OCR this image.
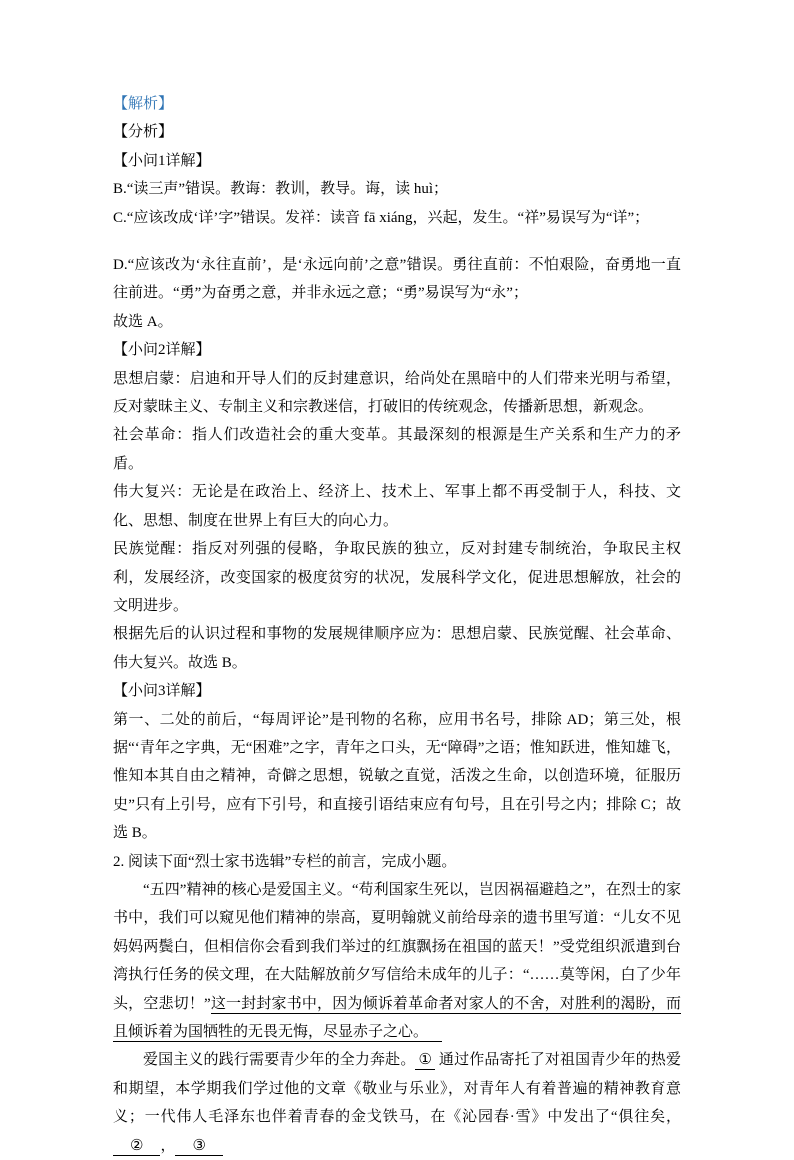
【解析】

【分析】

【小问1详解】

B.“读三声”错误。教诲：教训，教导。诲，读 huì；

C.“应该改成‘详’字”错误。发祥：读音 fā xiáng，兴起，发生。“祥”易误写为“详”；

D.“应该改为‘永往直前’，是‘永远向前’之意”错误。勇往直前：不怕艰险，奋勇地一直往前进。“勇”为奋勇之意，并非永远之意；“勇”易误写为“永”；

故选 A。

【小问2详解】

思想启蒙：启迪和开导人们的反封建意识，给尚处在黑暗中的人们带来光明与希望，反对蒙昧主义、专制主义和宗教迷信，打破旧的传统观念，传播新思想，新观念。

社会革命：指人们改造社会的重大变革。其最深刻的根源是生产关系和生产力的矛盾。

伟大复兴：无论是在政治上、经济上、技术上、军事上都不再受制于人，科技、文化、思想、制度在世界上有巨大的向心力。

民族觉醒：指反对列强的侵略，争取民族的独立，反对封建专制统治，争取民主权利，发展经济，改变国家的极度贫穷的状况，发展科学文化，促进思想解放，社会的文明进步。

根据先后的认识过程和事物的发展规律顺序应为：思想启蒙、民族觉醒、社会革命、伟大复兴。故选 B。

【小问3详解】

第一、二处的前后，“每周评论”是刊物的名称，应用书名号，排除 AD；第三处，根据“‘青年之字典，无“困难”之字，青年之口头，无“障碍”之语；惟知跃进，惟知雄飞，惟知本其自由之精神，奇僻之思想，锐敏之直觉，活泼之生命，以创造环境，征服历史”只有上引号，应有下引号，和直接引语结束应有句号，且在引号之内；排除 C；故选 B。

2. 阅读下面“烈士家书选辑”专栏的前言，完成小题。

“五四”精神的核心是爱国主义。“苟利国家生死以，岂因祸福避趋之”，在烈士的家书中，我们可以窥见他们精神的崇高，夏明翰就义前给母亲的遗书里写道：“儿女不见妈妈两鬓白，但相信你会看到我们举过的红旗飘扬在祖国的蓝天！”受党组织派遣到台湾执行任务的侯文理，在大陆解放前夕写信给未成年的儿子：“……莫等闲，白了少年头，空悲切！”这一封封家书中，因为倾诉着革命者对家人的不舍，对胜利的渴盼，而且倾诉着为国牺牲的无畏无悔，尽显赤子之心。

爱国主义的践行需要青少年的全力奔赴。 ① 通过作品寄托了对祖国青少年的热爱和期望，本学期我们学过他的文章《敬业与乐业》，对青年人有着普遍的精神教育意义；一代伟人毛泽东也伴着青春的金戈铁马，在《沁园春·雪》中发出了“俱往矣，② ， ③
